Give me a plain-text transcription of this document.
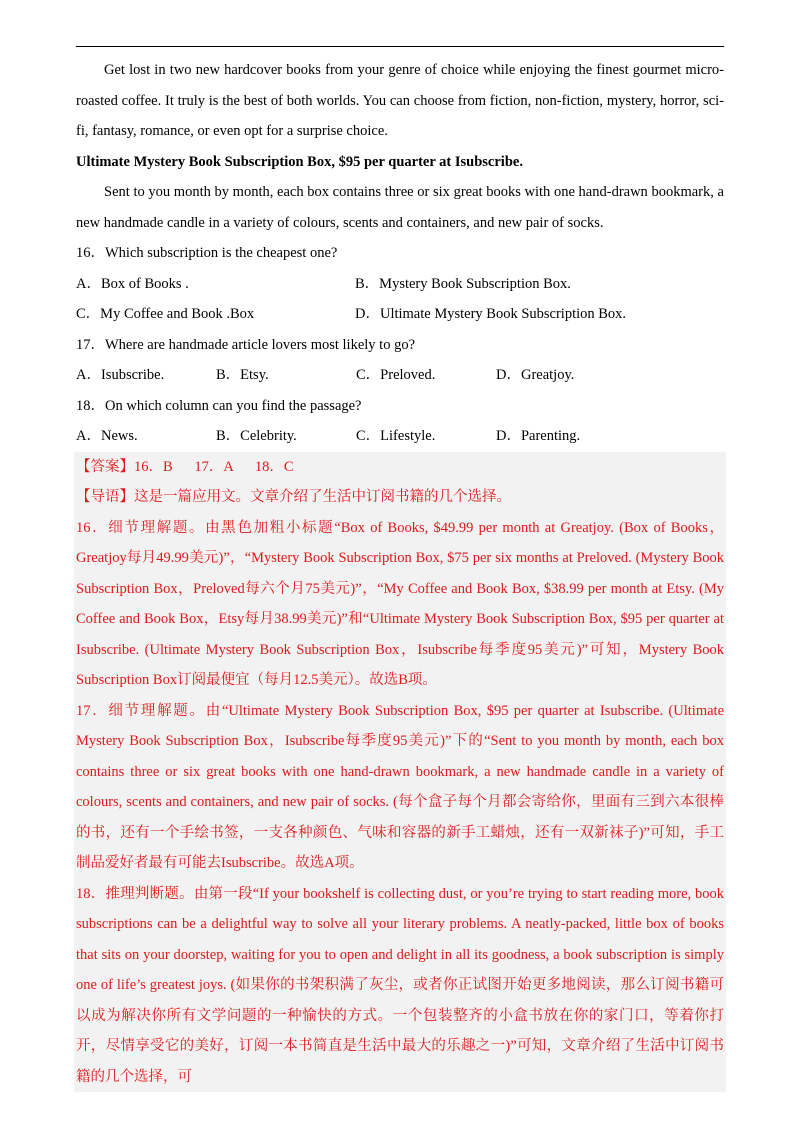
Get lost in two new hardcover books from your genre of choice while enjoying the finest gourmet micro-roasted coffee. It truly is the best of both worlds. You can choose from fiction, non-fiction, mystery, horror, sci-fi, fantasy, romance, or even opt for a surprise choice.

Ultimate Mystery Book Subscription Box, $95 per quarter at Isubscribe.

Sent to you month by month, each box contains three or six great books with one hand-drawn bookmark, a new handmade candle in a variety of colours, scents and containers, and new pair of socks.

16．Which subscription is the cheapest one?

A．Box of Books .	B．Mystery Book Subscription Box.
C．My Coffee and Book .Box	D．Ultimate Mystery Book Subscription Box.

17．Where are handmade article lovers most likely to go?

A．Isubscribe.	B．Etsy.	C．Preloved.	D．Greatjoy.

18．On which column can you find the passage?

A．News.	B．Celebrity.	C．Lifestyle.	D．Parenting.

【答案】16．B      17．A      18．C

【导语】这是一篇应用文。文章介绍了生活中订阅书籍的几个选择。

16．细节理解题。由黑色加粗小标题“Box of Books, $49.99 per month at Greatjoy. (Box of Books，Greatjoy每月49.99美元)”，“Mystery Book Subscription Box, $75 per six months at Preloved. (Mystery Book Subscription Box，Preloved每六个月75美元)”，“My Coffee and Book Box, $38.99 per month at Etsy. (My Coffee and Book Box，Etsy每月38.99美元)”和“Ultimate Mystery Book Subscription Box, $95 per quarter at Isubscribe. (Ultimate Mystery Book Subscription Box，Isubscribe每季度95美元)”可知，Mystery Book Subscription Box订阅最便宜（每月12.5美元）。故选B项。

17．细节理解题。由“Ultimate Mystery Book Subscription Box, $95 per quarter at Isubscribe. (Ultimate Mystery Book Subscription Box，Isubscribe每季度95美元)”下的“Sent to you month by month, each box contains three or six great books with one hand-drawn bookmark, a new handmade candle in a variety of colours, scents and containers, and new pair of socks. (每个盒子每个月都会寄给你，里面有三到六本很棒的书，还有一个手绘书签，一支各种颜色、气味和容器的新手工蜡烛，还有一双新袜子)”可知，手工制品爱好者最有可能去Isubscribe。故选A项。

18．推理判断题。由第一段“If your bookshelf is collecting dust, or you’re trying to start reading more, book subscriptions can be a delightful way to solve all your literary problems. A neatly-packed, little box of books that sits on your doorstep, waiting for you to open and delight in all its goodness, a book subscription is simply one of life’s greatest joys. (如果你的书架积满了灰尘，或者你正试图开始更多地阅读，那么订阅书籍可以成为解决你所有文学问题的一种愉快的方式。一个包装整齐的小盒书放在你的家门口，等着你打开，尽情享受它的美好，订阅一本书简直是生活中最大的乐趣之一)”可知，文章介绍了生活中订阅书籍的几个选择，可
